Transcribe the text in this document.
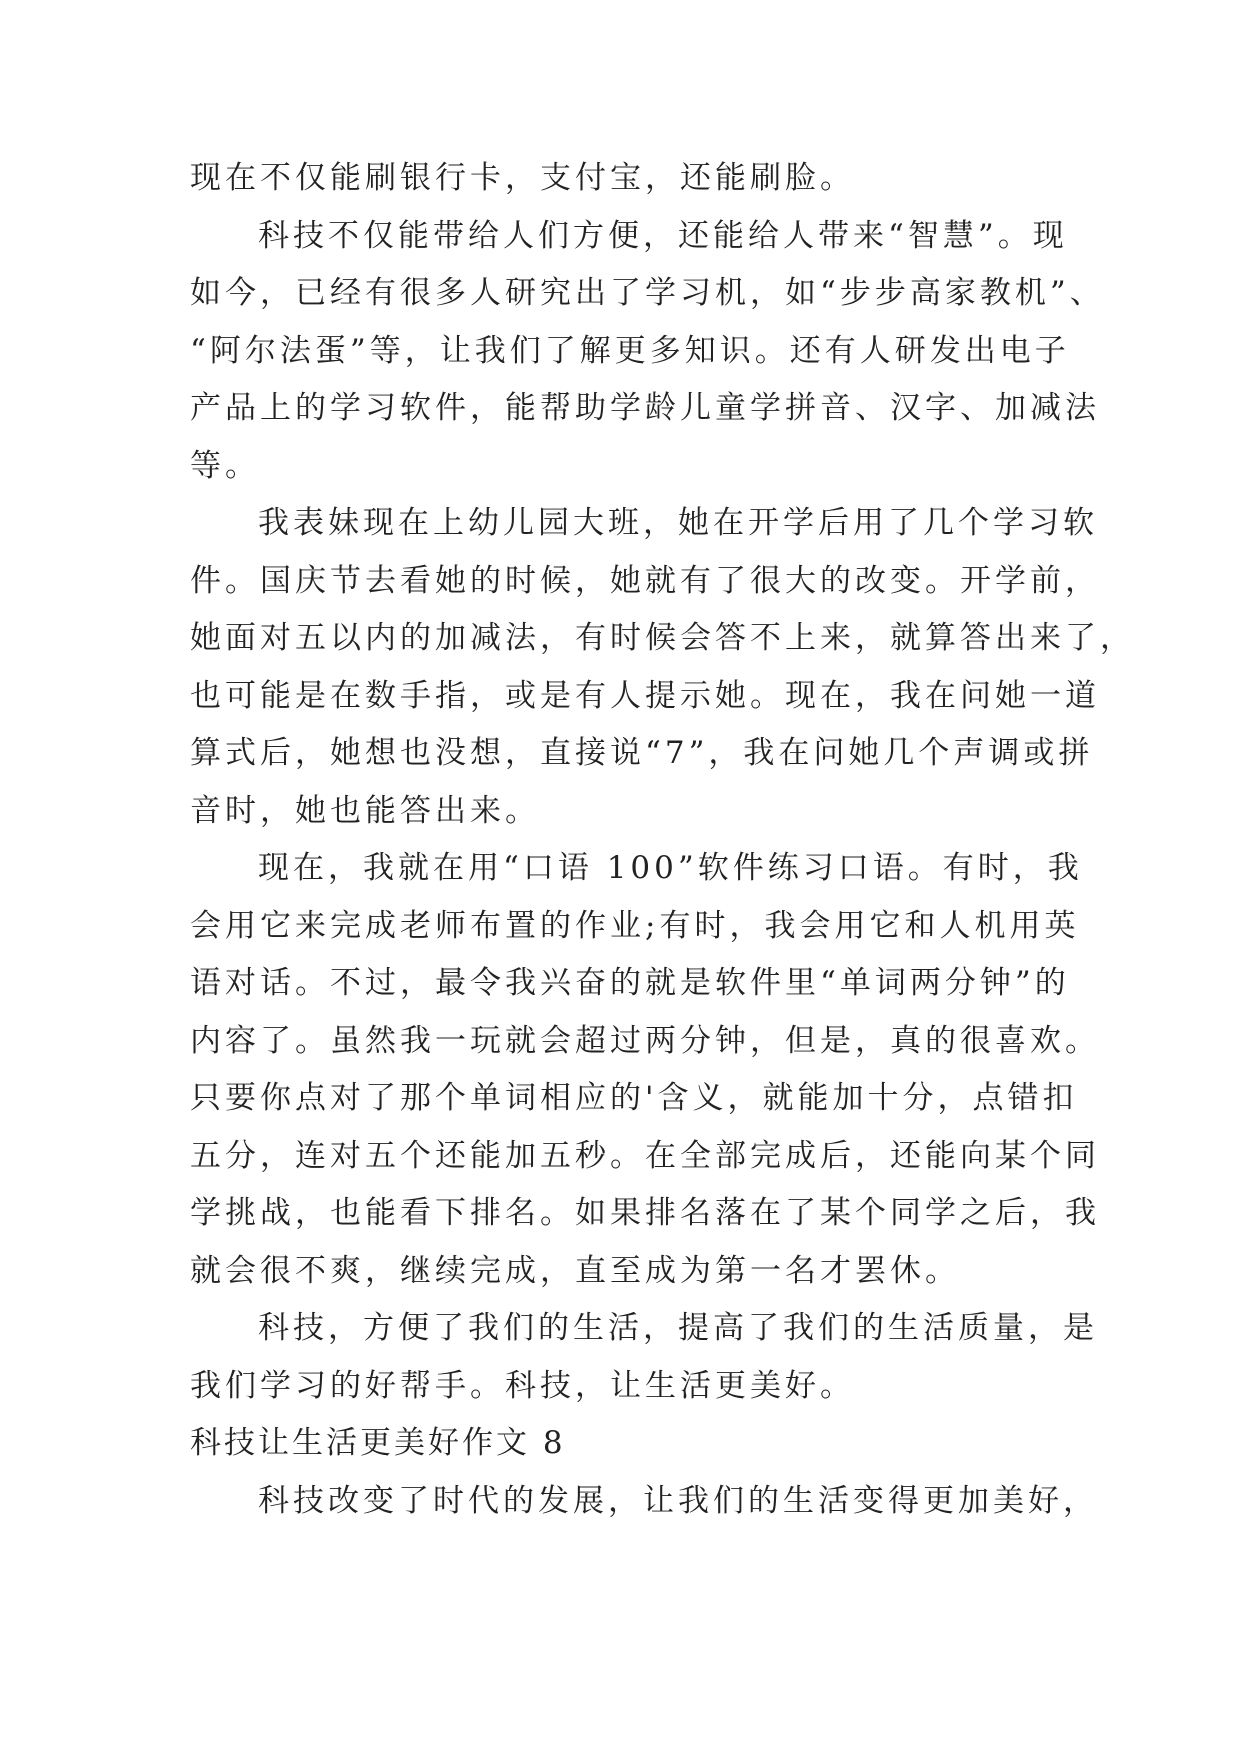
现在不仅能刷银行卡，支付宝，还能刷脸。
科技不仅能带给人们方便，还能给人带来“智慧”。现
如今，已经有很多人研究出了学习机，如“步步高家教机”、
“阿尔法蛋”等，让我们了解更多知识。还有人研发出电子
产品上的学习软件，能帮助学龄儿童学拼音、汉字、加减法
等。
我表妹现在上幼儿园大班，她在开学后用了几个学习软
件。国庆节去看她的时候，她就有了很大的改变。开学前，
她面对五以内的加减法，有时候会答不上来，就算答出来了，
也可能是在数手指，或是有人提示她。现在，我在问她一道
算式后，她想也没想，直接说“7”，我在问她几个声调或拼
音时，她也能答出来。
现在，我就在用“口语 100”软件练习口语。有时，我
会用它来完成老师布置的作业;有时，我会用它和人机用英
语对话。不过，最令我兴奋的就是软件里“单词两分钟”的
内容了。虽然我一玩就会超过两分钟，但是，真的很喜欢。
只要你点对了那个单词相应的'含义，就能加十分，点错扣
五分，连对五个还能加五秒。在全部完成后，还能向某个同
学挑战，也能看下排名。如果排名落在了某个同学之后，我
就会很不爽，继续完成，直至成为第一名才罢休。
科技，方便了我们的生活，提高了我们的生活质量，是
我们学习的好帮手。科技，让生活更美好。
科技让生活更美好作文 8
科技改变了时代的发展，让我们的生活变得更加美好，
